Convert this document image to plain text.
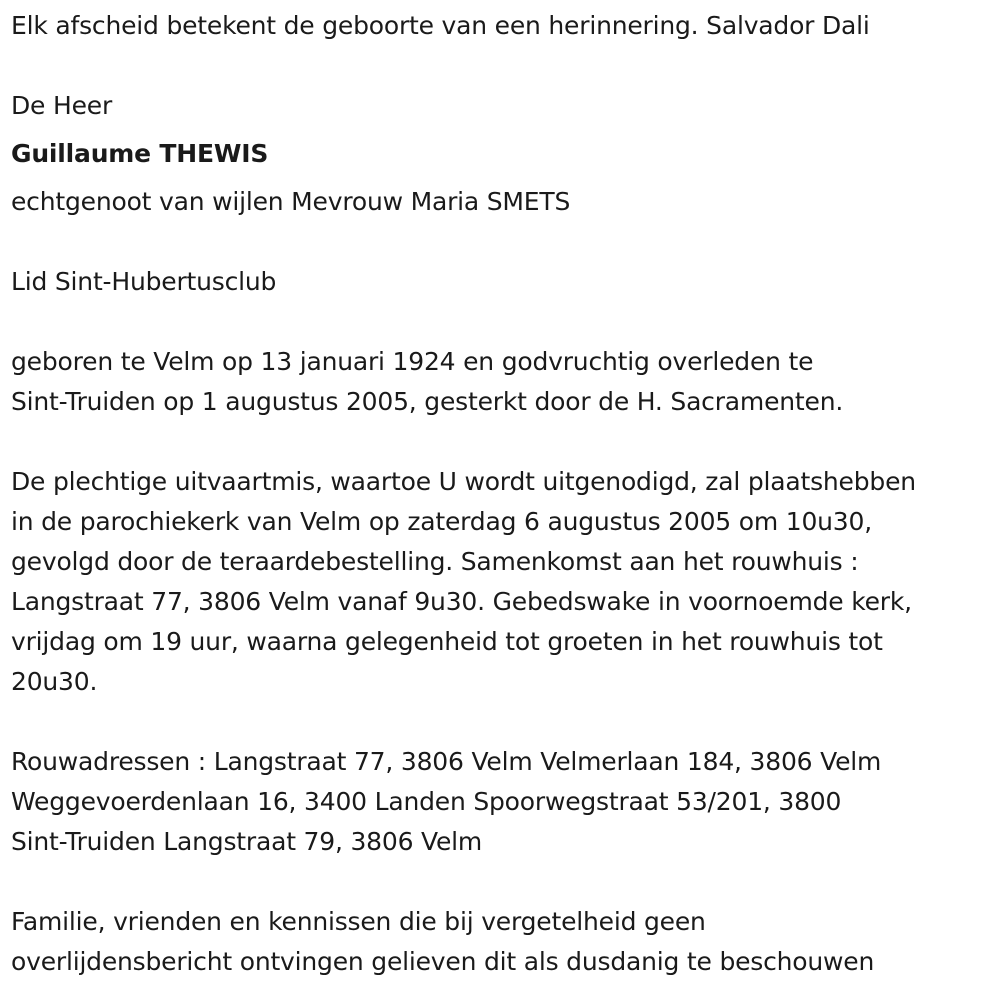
Elk afscheid betekent de geboorte van een herinnering. Salvador Dali

De Heer

Guillaume THEWIS

echtgenoot van wijlen Mevrouw Maria SMETS

Lid Sint-Hubertusclub

geboren te Velm op 13 januari 1924 en godvruchtig overleden te

Sint-Truiden op 1 augustus 2005, gesterkt door de H. Sacramenten.

De plechtige uitvaartmis, waartoe U wordt uitgenodigd, zal plaatshebben

in de parochiekerk van Velm op zaterdag 6 augustus 2005 om 10u30,

gevolgd door de teraardebestelling. Samenkomst aan het rouwhuis :

Langstraat 77, 3806 Velm vanaf 9u30. Gebedswake in voornoemde kerk,

vrijdag om 19 uur, waarna gelegenheid tot groeten in het rouwhuis tot

20u30.

Rouwadressen : Langstraat 77, 3806 Velm Velmerlaan 184, 3806 Velm

Weggevoerdenlaan 16, 3400 Landen Spoorwegstraat 53/201, 3800

Sint-Truiden Langstraat 79, 3806 Velm

Familie, vrienden en kennissen die bij vergetelheid geen

overlijdensbericht ontvingen gelieven dit als dusdanig te beschouwen
